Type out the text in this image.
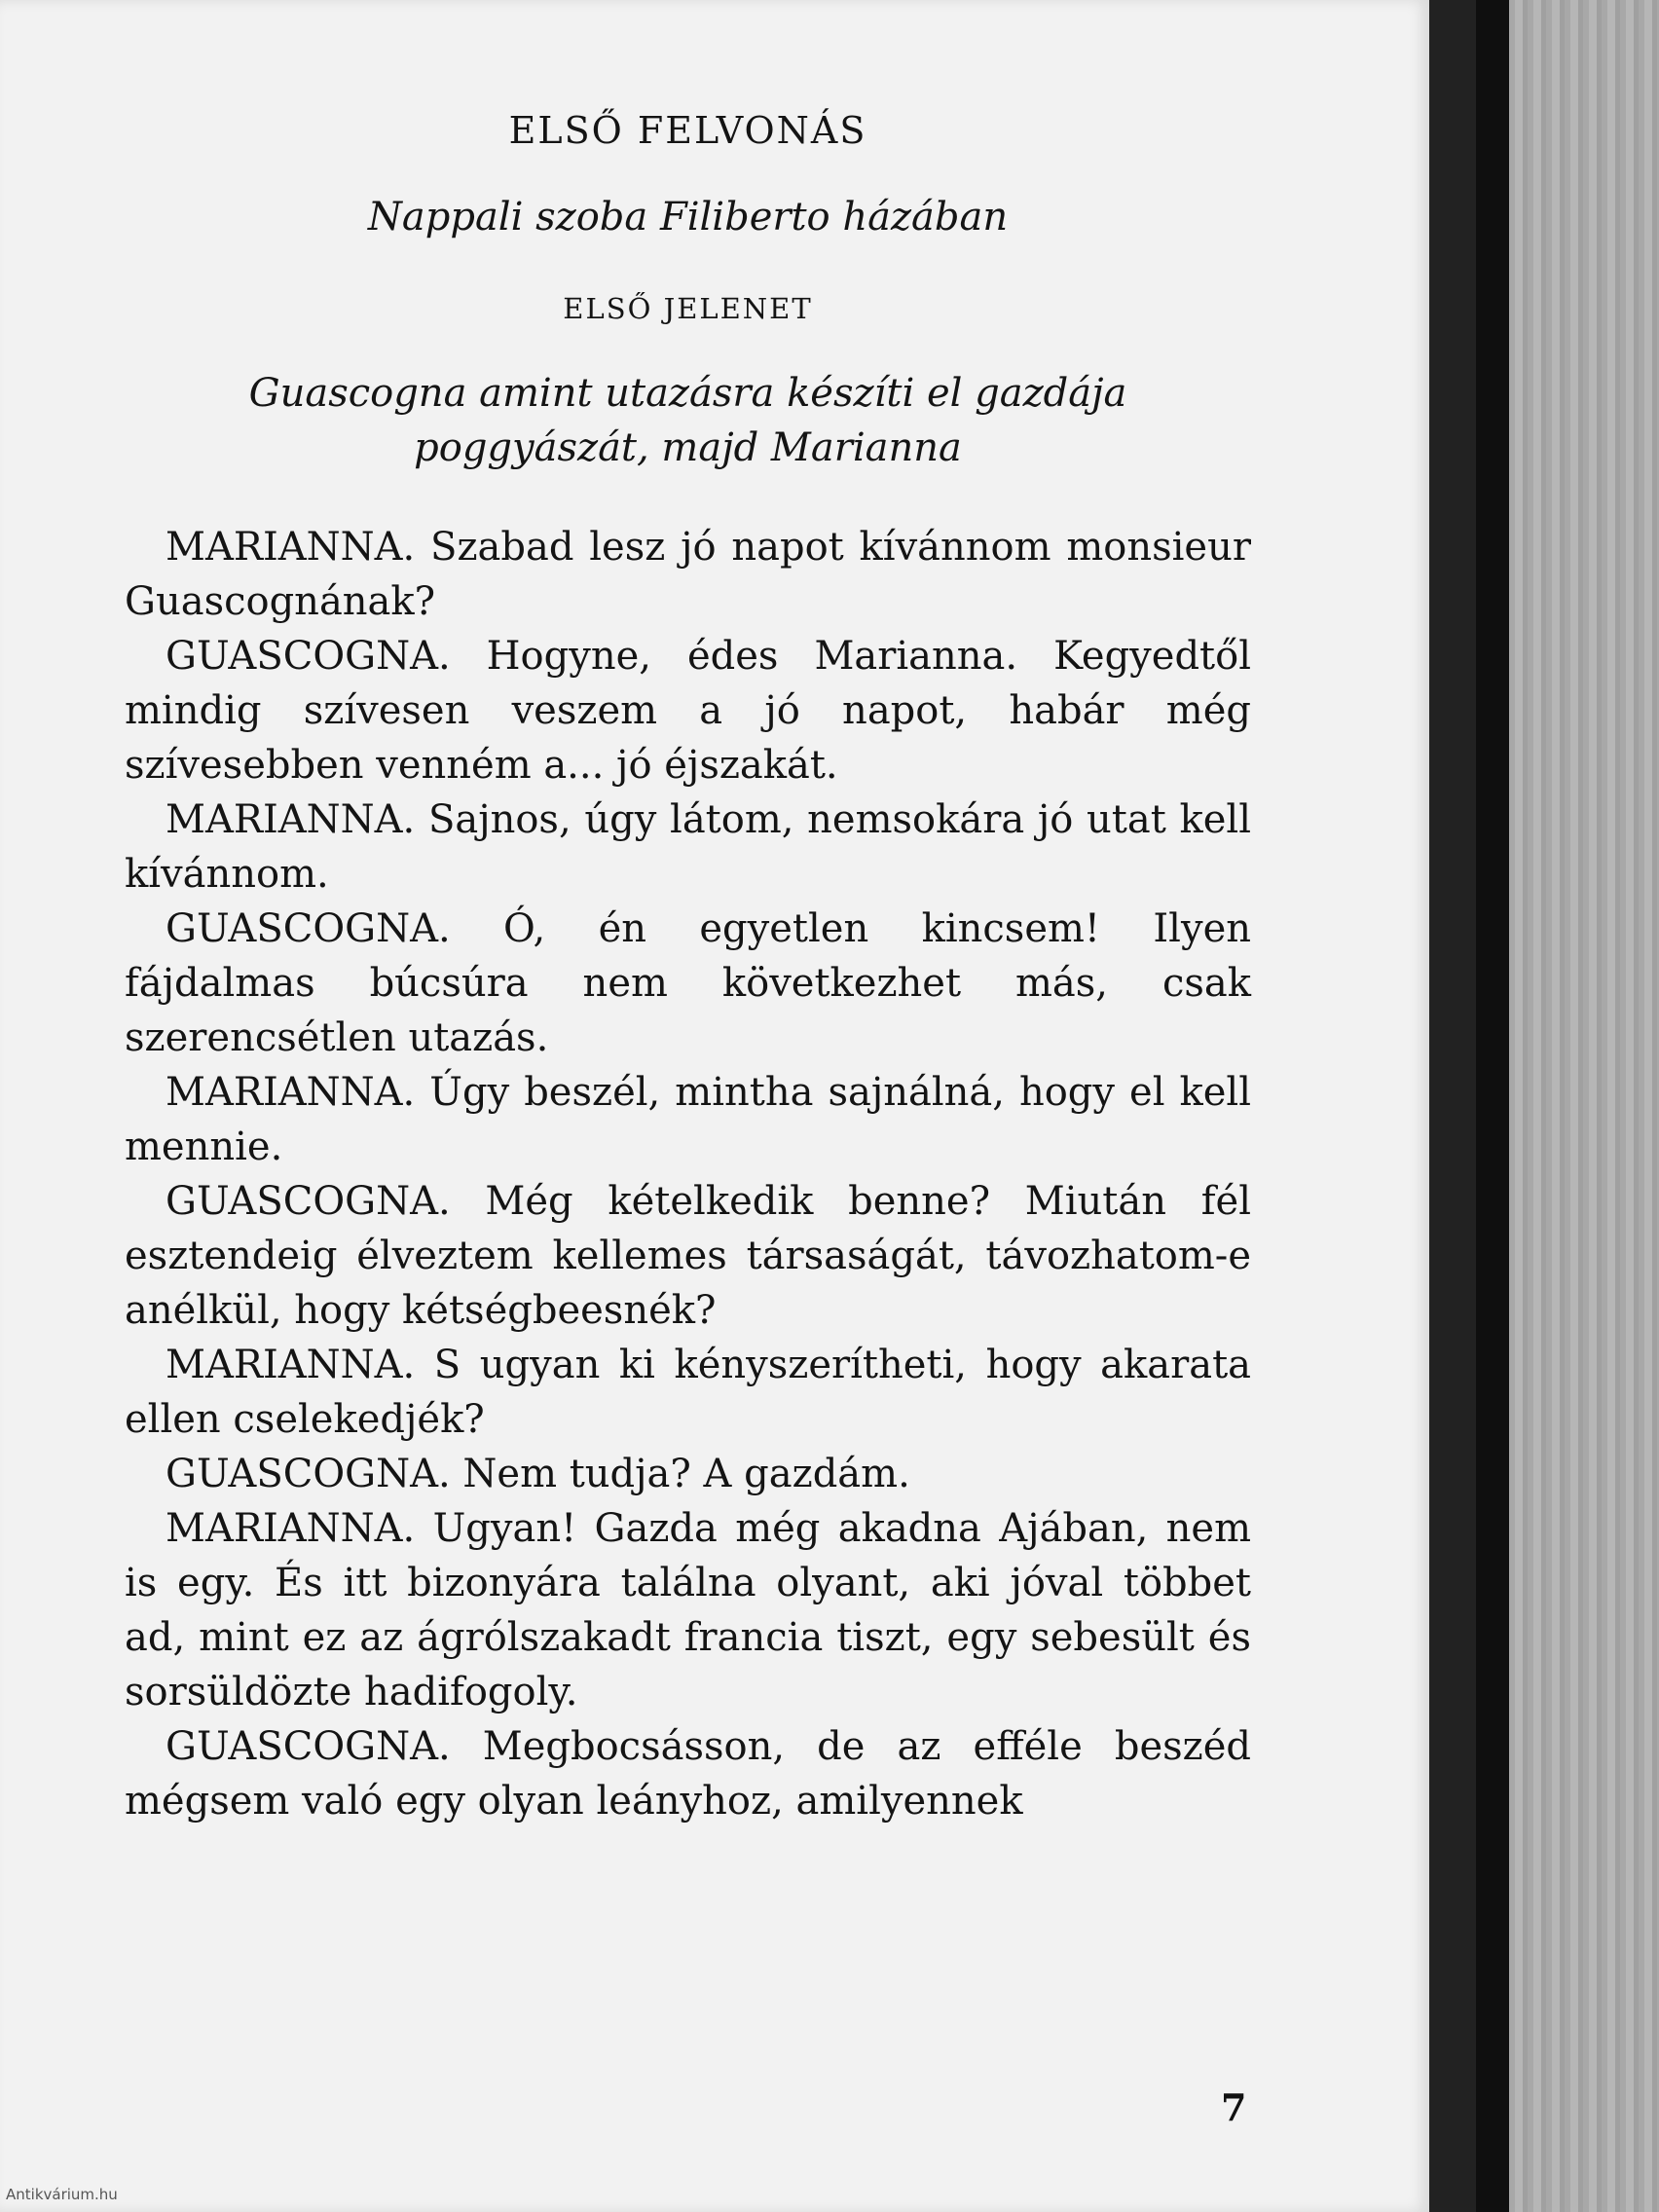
ELSŐ FELVONÁS
Nappali szoba Filiberto házában
ELSŐ JELENET
Guascogna amint utazásra készíti el gazdája
poggyászát, majd Marianna

MARIANNA. Szabad lesz jó napot kívánnom monsieur Guascognának?

GUASCOGNA. Hogyne, édes Marianna. Kegyedtől mindig szívesen veszem a jó napot, habár még szívesebben venném a... jó éjszakát.

MARIANNA. Sajnos, úgy látom, nemsokára jó utat kell kívánnom.

GUASCOGNA. Ó, én egyetlen kincsem! Ilyen fájdalmas búcsúra nem következhet más, csak szerencsétlen utazás.

MARIANNA. Úgy beszél, mintha sajnálná, hogy el kell mennie.

GUASCOGNA. Még kételkedik benne? Miután fél esztendeig élveztem kellemes társaságát, távozhatom-e anélkül, hogy kétségbeesnék?

MARIANNA. S ugyan ki kényszerítheti, hogy akarata ellen cselekedjék?

GUASCOGNA. Nem tudja? A gazdám.

MARIANNA. Ugyan! Gazda még akadna Ajában, nem is egy. És itt bizonyára találna olyant, aki jóval többet ad, mint ez az ágrólszakadt francia tiszt, egy sebesült és sorsüldözte hadifogoly.

GUASCOGNA. Megbocsásson, de az efféle beszéd mégsem való egy olyan leányhoz, amilyennek

7
Antikvárium.hu
